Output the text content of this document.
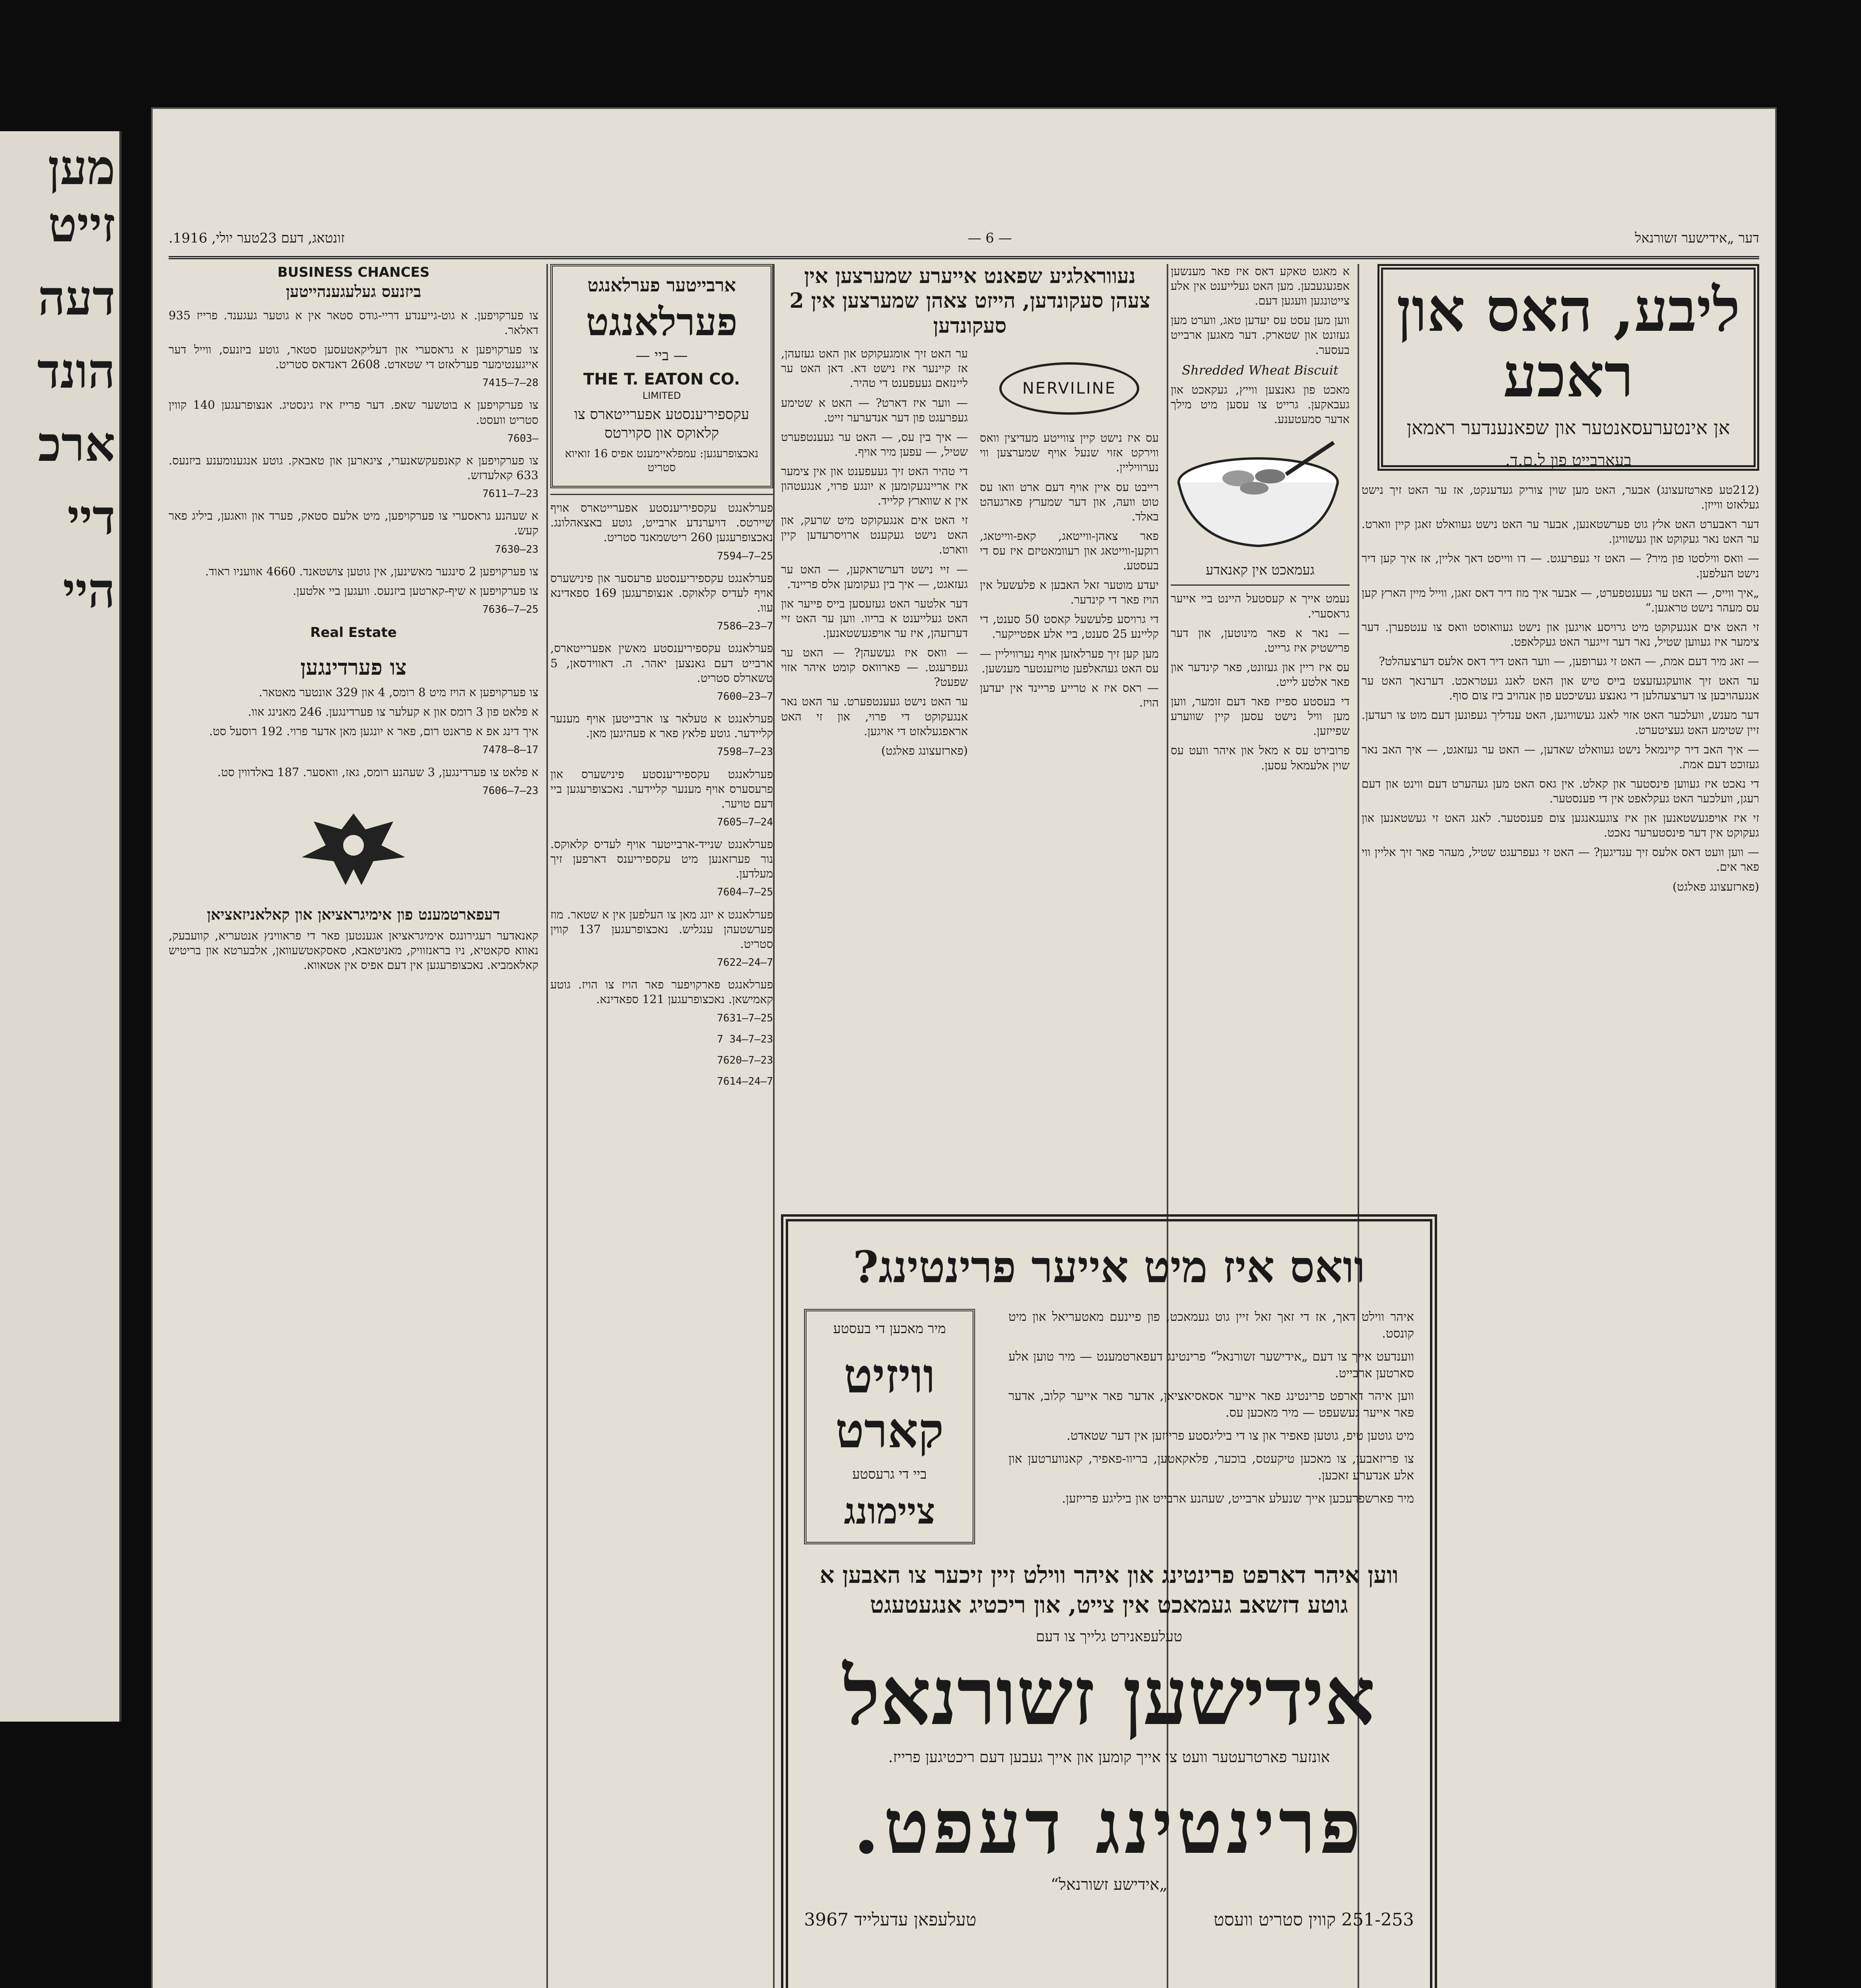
מען זייט
דעה
הונד
ארכ
דיי
היי
דער „אידישער זשורנאל
— 6 —
זונטאג, דעם 23טער יולי, 1916.
ליבע, האס און ראכע
אן אינטערעסאנטער און שפאנענדער ראמאן
בעארבייט פון ל.ם.ד.

(212טע פארטזעצונג) אבער, האט מען שוין צוריק געדענקט, אז ער האט זיך נישט געלאזט ווייזן.

דער ראבערט האט אלץ גוט פערשטאנען, אבער ער האט נישט געוואלט זאגן קיין ווארט. ער האט נאר געקוקט און געשוויגן.

— וואס ווילסטו פון מיר? — האט זי געפרעגט. — דו ווייסט דאך אליין, אז איך קען דיר נישט העלפען.

„איך ווייס, — האט ער געענטפערט, — אבער איך מוז דיר דאס זאגן, ווייל מיין הארץ קען עס מעהר נישט טראגען.“

זי האט אים אנגעקוקט מיט גרויסע אויגען און נישט געוואוסט וואס צו ענטפערן. דער צימער איז געווען שטיל, נאר דער זייגער האט געקלאפט.

— זאג מיר דעם אמת, — האט זי גערופען, — ווער האט דיר דאס אלעס דערצעהלט?

ער האט זיך אוועקגעזעצט בייס טיש און האט לאנג געטראכט. דערנאך האט ער אנגעהויבען צו דערצעהלען די גאנצע געשיכטע פון אנהויב ביז צום סוף.

דער מענש, וועלכער האט אזוי לאנג געשוויגען, האט ענדליך געפונען דעם מוט צו רעדען. זיין שטימע האט געציטערט.

— איך האב דיר קיינמאל נישט געוואלט שאדען, — האט ער געזאגט, — איך האב נאר געזוכט דעם אמת.

די נאכט איז געווען פינסטער און קאלט. אין גאס האט מען געהערט דעם ווינט און דעם רעגן, וועלכער האט געקלאפט אין די פענסטער.

זי איז אויפגעשטאנען און איז צוגעגאנגען צום פענסטער. לאנג האט זי געשטאנען און געקוקט אין דער פינסטערער נאכט.

— ווען וועט דאס אלעס זיך ענדיגען? — האט זי געפרעגט שטיל, מעהר פאר זיך אליין ווי פאר אים.

(פארזעצונג פאלגט)

א מאגט טאקע דאס איז פאר מענשען אפגעגעבען. מען האט געלייענט אין אלע צייטונגען וועגען דעם.

ווען מען עסט עס יעדען טאג, ווערט מען געזונט און שטארק. דער מאגען ארבייט בעסער.

Shredded Wheat Biscuit

מאכט פון גאנצען ווייץ, געקאכט און געבאקען. גרייט צו עסען מיט מילך אדער סמעטענע.

געמאכט אין קאנאדע

נעמט אייך א קעסטעל היינט ביי אייער גראסערי.

— נאר א פאר מינוטען, און דער פרישטיק איז גרייט.

עס איז ריין און געזונט, פאר קינדער און פאר אלטע לייט.

די בעסטע ספייז פאר דעם זומער, ווען מען וויל נישט עסען קיין שווערע שפייזען.

פרובירט עס א מאל און איהר וועט עס שוין אלעמאל עסען.

נעווראלגיע שפאנט אייערע שמערצען אין צעהן סעקונדען, הייזט צאהן שמערצען אין 2 סעקונדען
NERVILINE

עס איז נישט קיין צווייטע מעדיצין וואס ווירקט אזוי שנעל אויף שמערצען ווי נערוויליין.

רייבט עס איין אויף דעם ארט וואו עס טוט וועה, און דער שמערץ פארגעהט באלד.

פאר צאהן-ווייטאג, קאפ-ווייטאג, רוקען-ווייטאג און רעוומאטיזם איז עס די בעסטע.

יעדע מוטער זאל האבען א פלעשעל אין הויז פאר די קינדער.

די גרויסע פלעשעל קאסט 50 סענט, די קליינע 25 סענט, ביי אלע אפטייקער.

מען קען זיך פערלאזען אויף נערוויליין — עס האט געהאלפען טויזענטער מענשען.

— ראס איז א טרייע פריינד אין יעדען הויז.

ער האט זיך אומגעקוקט און האט געזעהן, אז קיינער איז נישט דא. דאן האט ער ליינזאם געעפענט די טהיר.

— ווער איז דארט? — האט א שטימע געפרעגט פון דער אנדערער זייט.

— איך בין עס, — האט ער געענטפערט שטיל, — עפען מיר אויף.

די טהיר האט זיך געעפענט און אין צימער איז אריינגעקומען א יונגע פרוי, אנגעטהון אין א שווארץ קלייד.

זי האט אים אנגעקוקט מיט שרעק, און האט נישט געקענט ארויסרעדען קיין ווארט.

— זיי נישט דערשראקען, — האט ער געזאגט, — איך בין געקומען אלס פריינד.

דער אלטער האט געזעסען בייס פייער און האט געלייענט א בריוו. ווען ער האט זיי דערזעהן, איז ער אויפגעשטאנען.

— וואס איז געשעהן? — האט ער געפרעגט. — פארוואס קומט איהר אזוי שפעט?

ער האט נישט געענטפערט. ער האט נאר אנגעקוקט די פרוי, און זי האט אראפגעלאזט די אויגען.

(פארזעצונג פאלגט)

וואס איז מיט אייער פרינטינג?

איהר ווילט דאך, אז די זאך זאל זיין גוט געמאכט, פון פיינעם מאטעריאל און מיט קונסט.

ווענדעט אייך צו דעם „אידישער זשורנאל“ פרינטינג דעפארטמענט — מיר טוען אלע סארטען ארבייט.

ווען איהר דארפט פרינטינג פאר אייער אסאסיאציאן, אדער פאר אייער קלוב, אדער פאר אייער געשעפט — מיר מאכען עס.

מיט גוטען טיפ, גוטען פאפיר און צו די ביליגסטע פרייזען אין דער שטאדט.

צו פריזאבען, צו מאכען טיקעטס, בוכער, פלאקאטען, בריוו-פאפיר, קאנווערטען און אלע אנדערע זאכען.

מיר פארשפרעכען אייך שנעלע ארבייט, שעהנע ארבייט און ביליגע פרייזען.

מיר מאכען די בעסטע
וויזיט קארט
ביי די גרעסטע
ציימונג
ווען איהר דארפט פרינטינג און איהר ווילט זיין זיכער צו האבען א גוטע דזשאב געמאכט אין צייט, און ריכטיג אנגעטעגט
טעלעפאנירט גלייך צו דעם
אידישען זשורנאל
אונזער פארטרעטער וועט צו אייך קומען און אייך געבען דעם ריכטיגען פרייז.
פרינטינג דעפט.
„אידישע זשורנאל“
251-253 קווין סטריט וועסט
טעלעפאן עדעלייד 3967
ארבייטער פערלאנגט
פערלאנגט
— ביי —
THE T. EATON CO.
LIMITED
עקספיריענסטע אפערייטארס צו קלאוקס און סקוירטס
נאכצופרעגען: עמפלאיימענט אפיס 16 זואיוא סטריט

פערלאנגט עקספיריענסטע אפערייטארס אויף שיירטס. דויערנדע ארבייט, גוטע באצאהלונג. נאכצופרעגען 260 ריטשמאנד סטריט.

7594—7—25

פערלאנגט עקספיריענסטע פרעסער און פינישערס אויף לעדיס קלאוקס. אנצופרעגען 169 ספאדינא עוו.

7586—23—7

פערלאנגט עקספיריענסטע מאשין אפערייטארס, ארבייט דעם גאנצען יאהר. ה. דאווידסאן, 5 טשארלס סטריט.

7600—23—7

פערלאנגט א טעלאר צו ארבייטען אויף מענער קליידער. גוטע פלאץ פאר א פעהיגען מאן.

7598—7—23

פערלאנגט עקספיריענסטע פינישערס און פרעסערס אויף מענער קליידער. נאכצופרעגען ביי דעם טויער.

7605—7—24

פערלאנגט שנייד-ארבייטער אויף לעדיס קלאוקס. נור פערזאנען מיט עקספיריענס דארפען זיך מעלדען.

7604—7—25

פערלאנגט א יונג מאן צו העלפען אין א שטאר. מוז פערשטעהן ענגליש. נאכצופרעגען 137 קווין סטריט.

7622—24—7

פערלאנגט פארקויפער פאר הויז צו הויז. גוטע קאמישאן. נאכצופרעגען 121 ספאדינא.

7631—7—25
7 34—7—23
7620—7—23
7614—24—7
BUSINESS CHANCES
ביזנעס געלעגענהייטען

צו פערקויפען. א גוט-גייענדע דריי-גודס סטאר אין א גוטער געגענד. פרייז 935 דאלאר.

צו פערקויפען א גראסערי און דעליקאטעסען סטאר, גוטע ביזנעס, ווייל דער אייגענטימער פערלאזט די שטאדט. 2608 דאנדאס סטריט.

7415—7—28

צו פערקויפען א בוטשער שאפ. דער פרייז איז גינסטיג. אנצופרעגען 140 קווין סטריט וועסט.

7603—

צו פערקויפען א קאנפעקשאנערי, ציגארען און טאבאק. גוטע אנגענומענע ביזנעס. 633 קאלעדזש.

7611—7—23

א שעהנע גראסערי צו פערקויפען, מיט אלעם סטאק, פערד און וואגען, ביליג פאר קעש.

7630—23

צו פערקויפען 2 סינגער מאשינען, אין גוטען צושטאנד. 4660 אוועניו ראוד.

צו פערקויפען א שיף-קארטען ביזנעס. וועגען ביי אלטען.

7636—7—25
Real Estate
צו פערדינגען

צו פערקויפען א הויז מיט 8 רומס, 4 און 329 אונטער מאטאר.

א פלאט פון 3 רומס און א קעלער צו פערדינגען. 246 מאנינג אוו.

איך דינג אפ א פראנט רום, פאר א יונגען מאן אדער פרוי. 192 רוסעל סט.

7478—8—17

א פלאט צו פערדינגען, 3 שעהנע רומס, גאז, וואסער. 187 באלדווין סט.

7606—7—23
דעפארטמענט פון אימיגראציאן און קאלאניזאציאן

קאנאדער רעגירונגס אימיגראציאן אגענטען פאר די פראווינץ אנטעריא, קוועבעק, נאווא סקאטיא, ניו בראנזוויק, מאניטאבא, סאסקאטשעוואן, אלבערטא און בריטיש קאלאמביא. נאכצופרעגען אין דעם אפיס אין אטאווא.
